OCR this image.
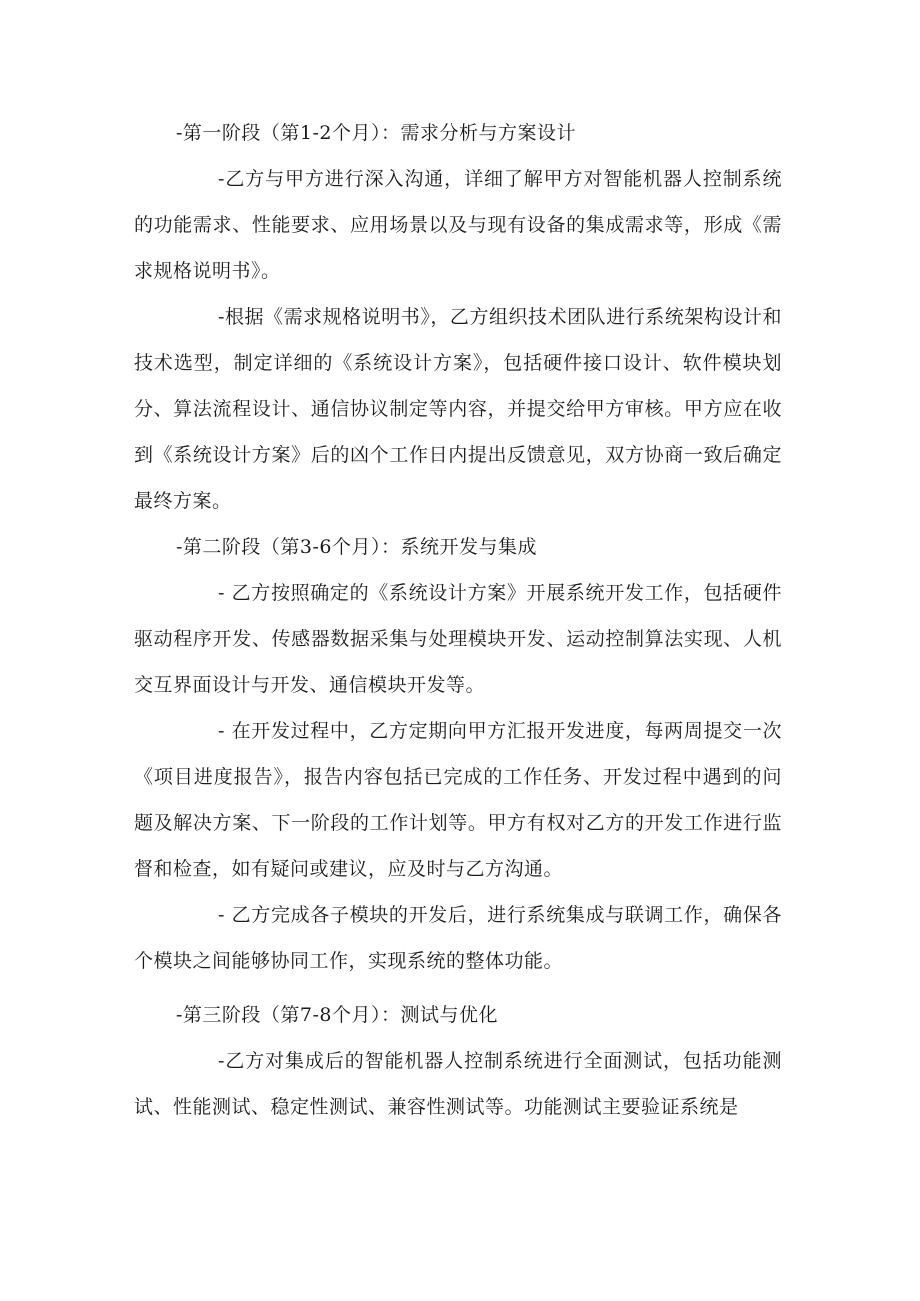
-第一阶段（第1-2个月）：需求分析与方案设计

-乙方与甲方进行深入沟通，详细了解甲方对智能机器人控制系统的功能需求、性能要求、应用场景以及与现有设备的集成需求等，形成《需求规格说明书》。

-根据《需求规格说明书》，乙方组织技术团队进行系统架构设计和技术选型，制定详细的《系统设计方案》，包括硬件接口设计、软件模块划分、算法流程设计、通信协议制定等内容，并提交给甲方审核。甲方应在收到《系统设计方案》后的凶个工作日内提出反馈意见，双方协商一致后确定最终方案。

-第二阶段（第3-6个月）：系统开发与集成

- 乙方按照确定的《系统设计方案》开展系统开发工作，包括硬件驱动程序开发、传感器数据采集与处理模块开发、运动控制算法实现、人机交互界面设计与开发、通信模块开发等。

- 在开发过程中，乙方定期向甲方汇报开发进度，每两周提交一次《项目进度报告》，报告内容包括已完成的工作任务、开发过程中遇到的问题及解决方案、下一阶段的工作计划等。甲方有权对乙方的开发工作进行监督和检查，如有疑问或建议，应及时与乙方沟通。

- 乙方完成各子模块的开发后，进行系统集成与联调工作，确保各个模块之间能够协同工作，实现系统的整体功能。

-第三阶段（第7-8个月）：测试与优化

-乙方对集成后的智能机器人控制系统进行全面测试，包括功能测试、性能测试、稳定性测试、兼容性测试等。功能测试主要验证系统是
